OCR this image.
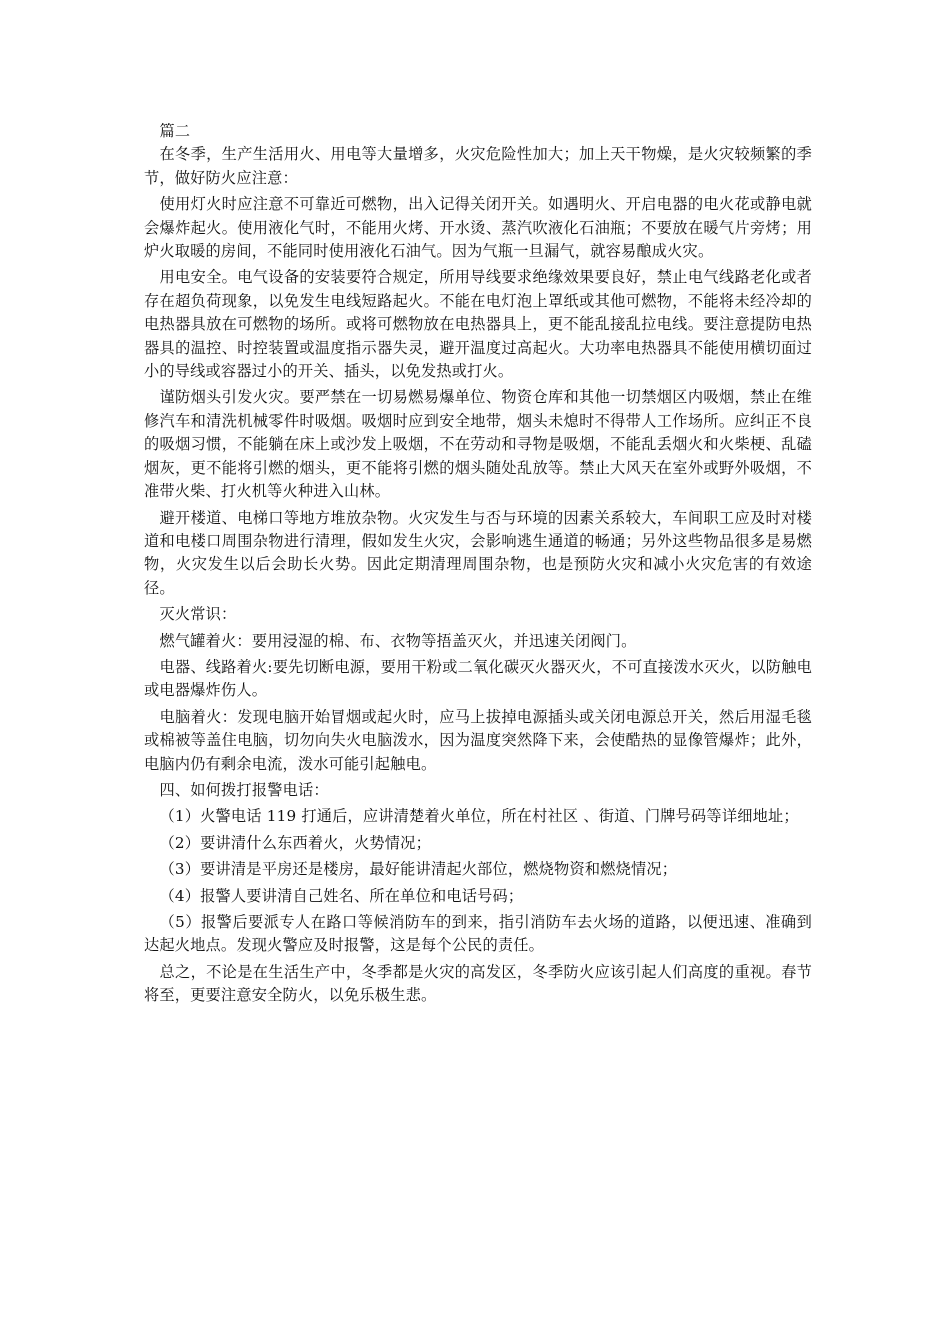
篇二

在冬季，生产生活用火、用电等大量增多，火灾危险性加大；加上天干物燥，是火灾较频繁的季节，做好防火应注意：

使用灯火时应注意不可靠近可燃物，出入记得关闭开关。如遇明火、开启电器的电火花或静电就会爆炸起火。使用液化气时，不能用火烤、开水烫、蒸汽吹液化石油瓶；不要放在暖气片旁烤；用炉火取暖的房间，不能同时使用液化石油气。因为气瓶一旦漏气，就容易酿成火灾。

用电安全。电气设备的安装要符合规定，所用导线要求绝缘效果要良好，禁止电气线路老化或者存在超负荷现象，以免发生电线短路起火。不能在电灯泡上罩纸或其他可燃物，不能将未经冷却的电热器具放在可燃物的场所。或将可燃物放在电热器具上，更不能乱接乱拉电线。要注意提防电热器具的温控、时控装置或温度指示器失灵，避开温度过高起火。大功率电热器具不能使用横切面过小的导线或容器过小的开关、插头，以免发热或打火。

谨防烟头引发火灾。要严禁在一切易燃易爆单位、物资仓库和其他一切禁烟区内吸烟，禁止在维修汽车和清洗机械零件时吸烟。吸烟时应到安全地带，烟头未熄时不得带人工作场所。应纠正不良的吸烟习惯，不能躺在床上或沙发上吸烟，不在劳动和寻物是吸烟，不能乱丢烟火和火柴梗、乱磕烟灰，更不能将引燃的烟头，更不能将引燃的烟头随处乱放等。禁止大风天在室外或野外吸烟，不准带火柴、打火机等火种进入山林。

避开楼道、电梯口等地方堆放杂物。火灾发生与否与环境的因素关系较大，车间职工应及时对楼道和电楼口周围杂物进行清理，假如发生火灾，会影响逃生通道的畅通；另外这些物品很多是易燃物，火灾发生以后会助长火势。因此定期清理周围杂物，也是预防火灾和减小火灾危害的有效途径。

灭火常识：

燃气罐着火：要用浸湿的棉、布、衣物等捂盖灭火，并迅速关闭阀门。

电器、线路着火:要先切断电源，要用干粉或二氧化碳灭火器灭火，不可直接泼水灭火，以防触电或电器爆炸伤人。

电脑着火：发现电脑开始冒烟或起火时，应马上拔掉电源插头或关闭电源总开关，然后用湿毛毯或棉被等盖住电脑，切勿向失火电脑泼水，因为温度突然降下来，会使酷热的显像管爆炸；此外，电脑内仍有剩余电流，泼水可能引起触电。

四、如何拨打报警电话：

（1）火警电话 119 打通后，应讲清楚着火单位，所在村社区 、街道、门牌号码等详细地址；

（2）要讲清什么东西着火，火势情况；

（3）要讲清是平房还是楼房，最好能讲清起火部位，燃烧物资和燃烧情况；

（4）报警人要讲清自己姓名、所在单位和电话号码；

（5）报警后要派专人在路口等候消防车的到来，指引消防车去火场的道路，以便迅速、准确到达起火地点。发现火警应及时报警，这是每个公民的责任。

总之，不论是在生活生产中，冬季都是火灾的高发区，冬季防火应该引起人们高度的重视。春节将至，更要注意安全防火，以免乐极生悲。
